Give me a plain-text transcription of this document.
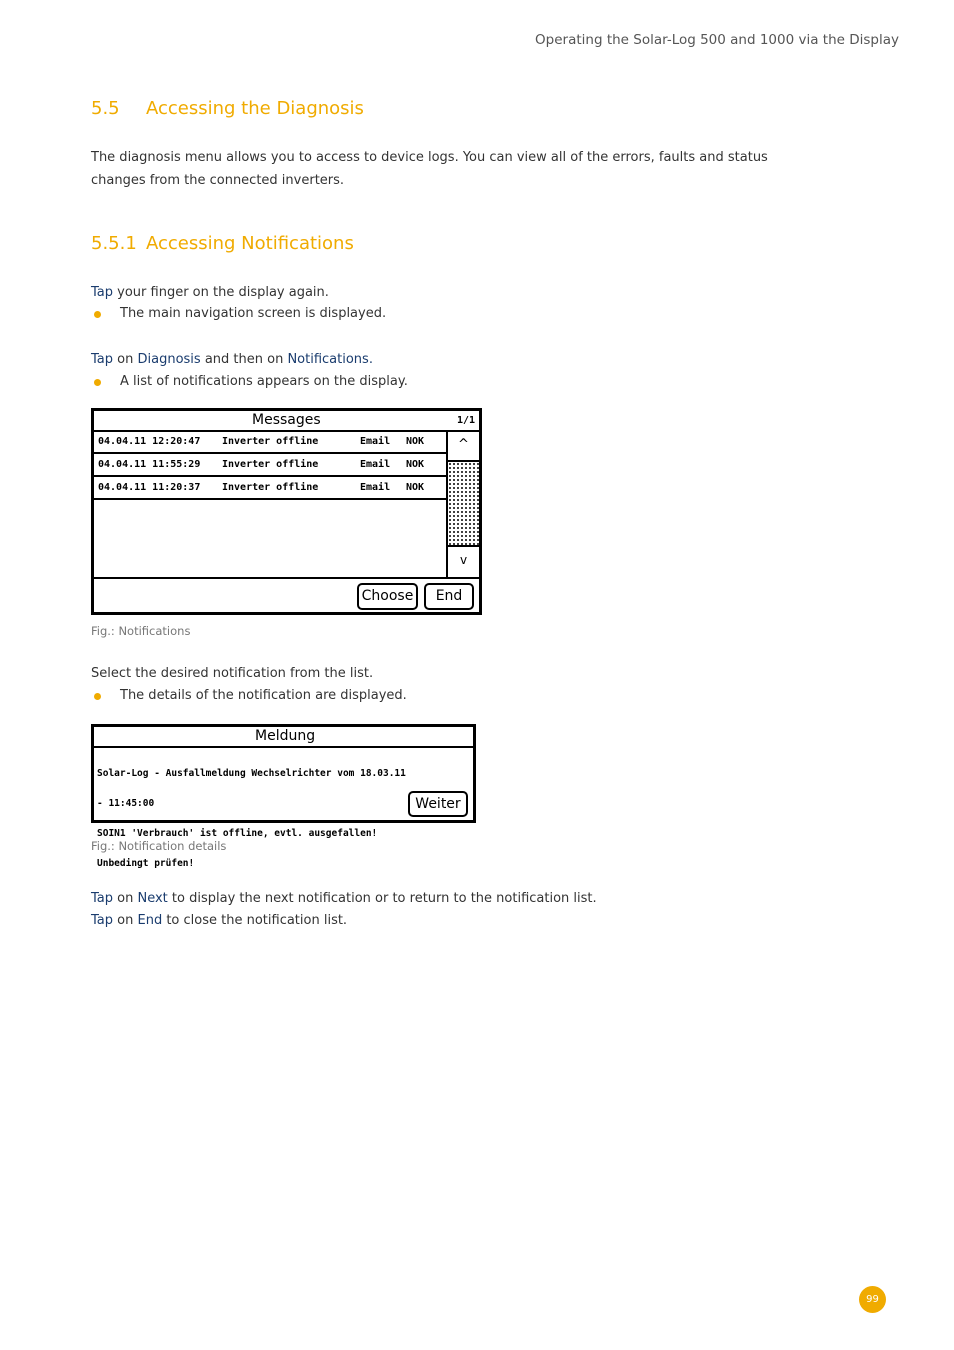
Operating the Solar-Log 500 and 1000 via the Display
5.5 Accessing the Diagnosis
The diagnosis menu allows you to access to device logs. You can view all of the errors, faults and status
changes from the connected inverters.
5.5.1 Accessing Notifications
Tap your finger on the display again.
The main navigation screen is displayed.
Tap on Diagnosis and then on Notifications.
A list of notifications appears on the display.
Messages	1/1
04.04.11 12:20:47 Inverter offline	Email NOK
04.04.11 11:55:29 Inverter offline	Email NOK
04.04.11 11:20:37 Inverter offline	Email NOK
^
v
Choose	End
Fig.: Notifications
Select the desired notification from the list.
The details of the notification are displayed.
Meldung

Solar-Log - Ausfallmeldung Wechselrichter vom 18.03.11

- 11:45:00

SOIN1 'Verbrauch' ist offline, evtl. ausgefallen!

Unbedingt prüfen!

Weiter
Fig.: Notification details
Tap on Next to display the next notification or to return to the notification list.
Tap on End to close the notification list.
99
